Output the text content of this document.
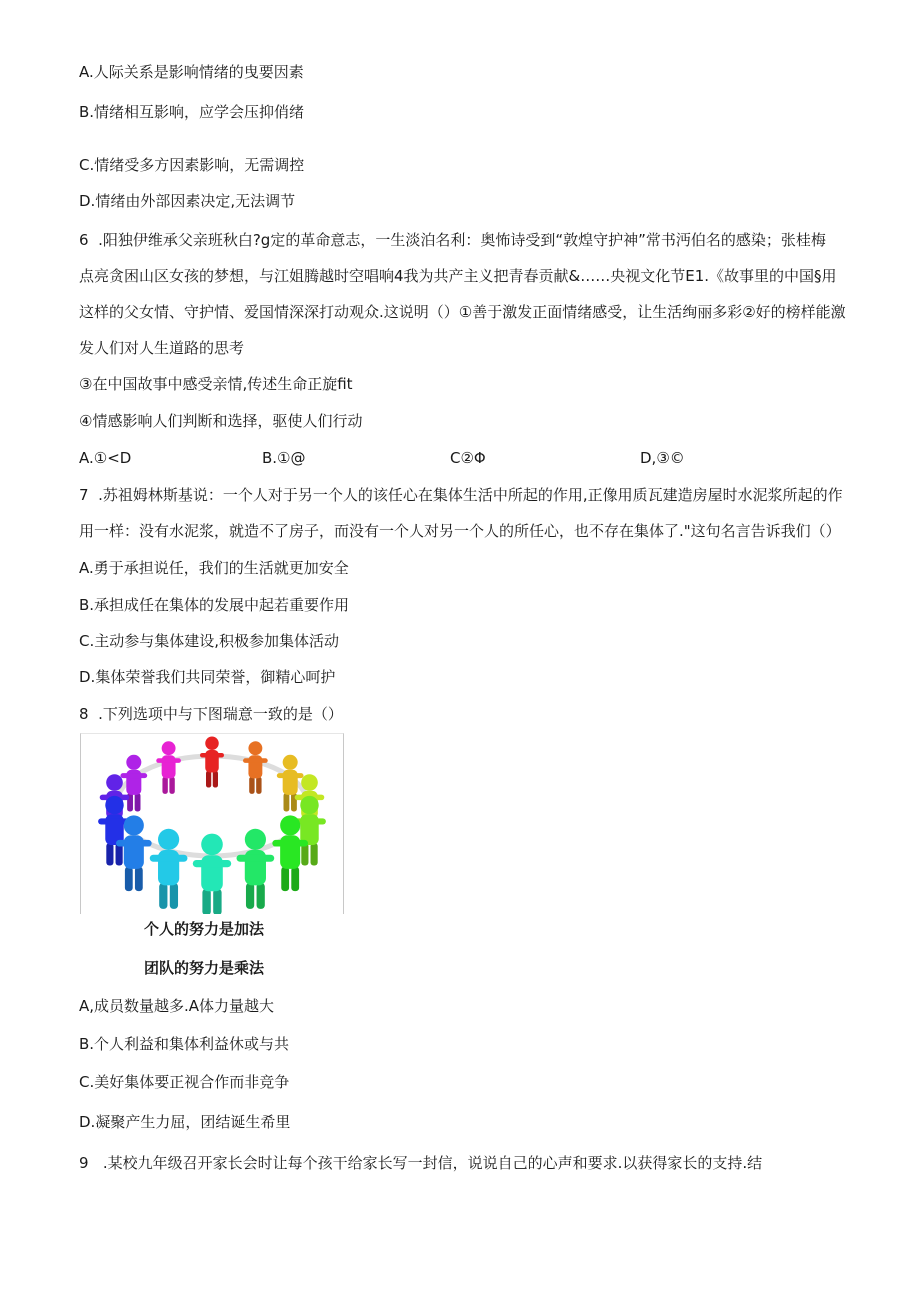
A.人际关系是影响情绪的曳要因素
B.情绪相互影响，应学会压抑俏绪
C.情绪受多方因素影响，无需调控
D.情绪由外部因素决定,无法调节
6  .阳独伊维承父亲班秋白?g定的革命意志，一生淡泊名利：奥怖诗受到“敦煌守护神”常书沔伯名的感染；张桂梅
点亮贪困山区女孩的梦想，与江姐腾越时空唱响4我为共产主义把青春贡献&……央视文化节E1.《故事里的中国§用
这样的父女情、守护情、爱国情深深打动观众.这说明（）①善于激发正面情绪感受，让生活绚丽多彩②好的榜样能激
发人们对人生道路的思考
③在中国故事中感受亲情,传述生命正旋fit
④情感影响人们判断和选择，驱使人们行动
A.①<D	B.①@	C②Φ	D,③©
7  .苏祖姆林斯基说：一个人对于另一个人的该任心在集体生活中所起的作用,正像用质瓦建造房屋时水泥浆所起的作
用一样：没有水泥浆，就造不了房子，而没有一个人对另一个人的所任心，也不存在集体了."这句名言告诉我们（）
A.勇于承担说任，我们的生活就更加安全
B.承担成任在集体的发展中起若重要作用
C.主动参与集体建设,积极参加集体活动
D.集体荣誉我们共同荣誉，御精心呵护
8  .下列选项中与下图瑞意一致的是（）
个人的努力是加法
团队的努力是乘法
A,成员数量越多.A体力量越大
B.个人利益和集体利益休或与共
C.美好集体要正视合作而非竞争
D.凝聚产生力屈，团结诞生希里
9   .某校九年级召开家长会时让每个孩干给家长写一封信，说说自己的心声和要求.以获得家长的支持.结
